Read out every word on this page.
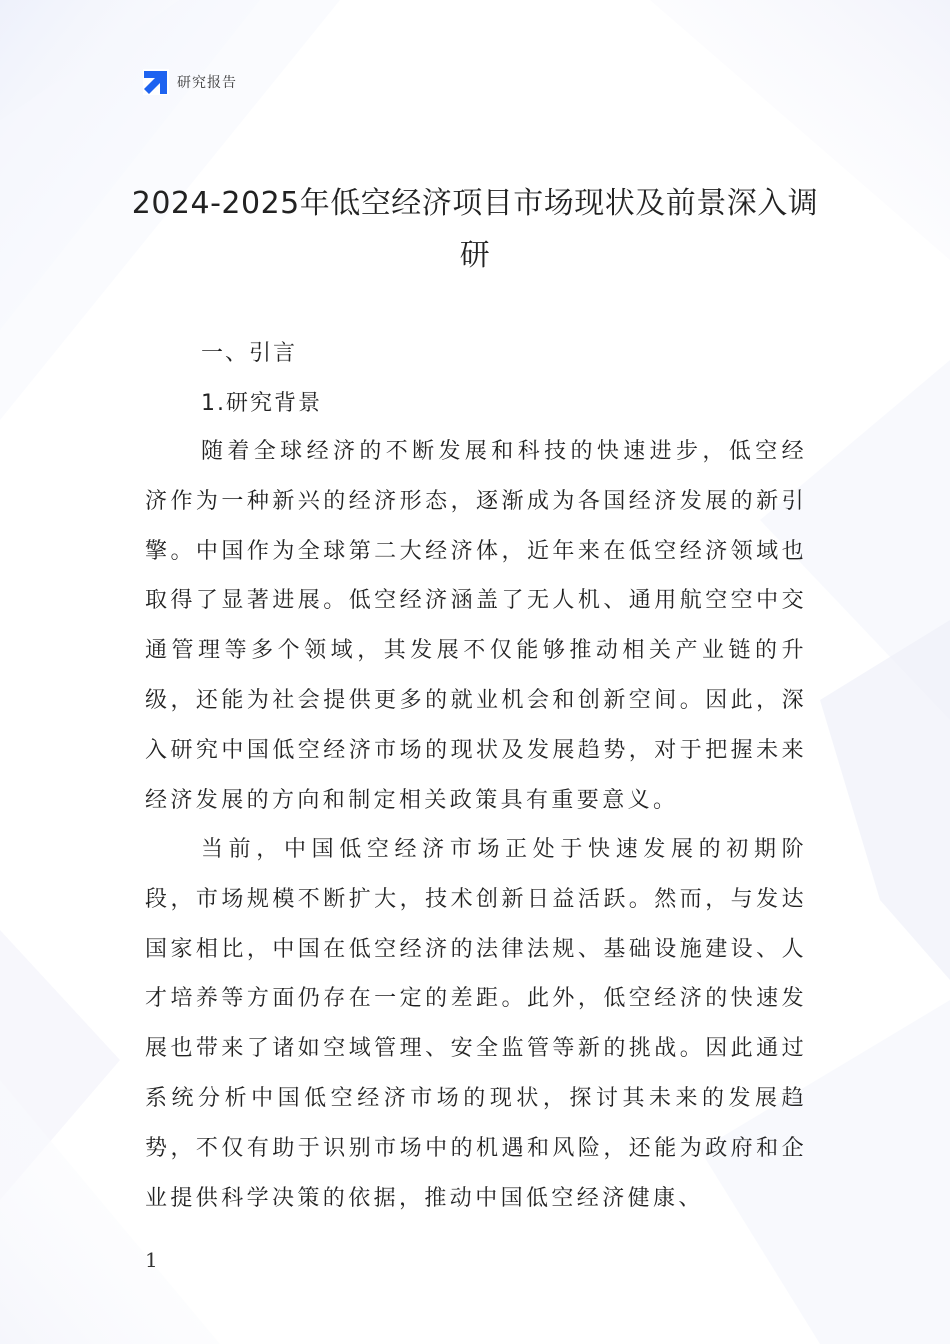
研究报告
2024-2025年低空经济项目市场现状及前景深入调研
一、引言
1.研究背景

随着全球经济的不断发展和科技的快速进步，低空经济作为一种新兴的经济形态，逐渐成为各国经济发展的新引擎。中国作为全球第二大经济体，近年来在低空经济领域也取得了显著进展。低空经济涵盖了无人机、通用航空空中交通管理等多个领域，其发展不仅能够推动相关产业链的升级，还能为社会提供更多的就业机会和创新空间。因此，深入研究中国低空经济市场的现状及发展趋势，对于把握未来经济发展的方向和制定相关政策具有重要意义。

当前，中国低空经济市场正处于快速发展的初期阶段，市场规模不断扩大，技术创新日益活跃。然而，与发达国家相比，中国在低空经济的法律法规、基础设施建设、人才培养等方面仍存在一定的差距。此外，低空经济的快速发展也带来了诸如空域管理、安全监管等新的挑战。因此通过系统分析中国低空经济市场的现状，探讨其未来的发展趋势，不仅有助于识别市场中的机遇和风险，还能为政府和企业提供科学决策的依据，推动中国低空经济健康、

1
